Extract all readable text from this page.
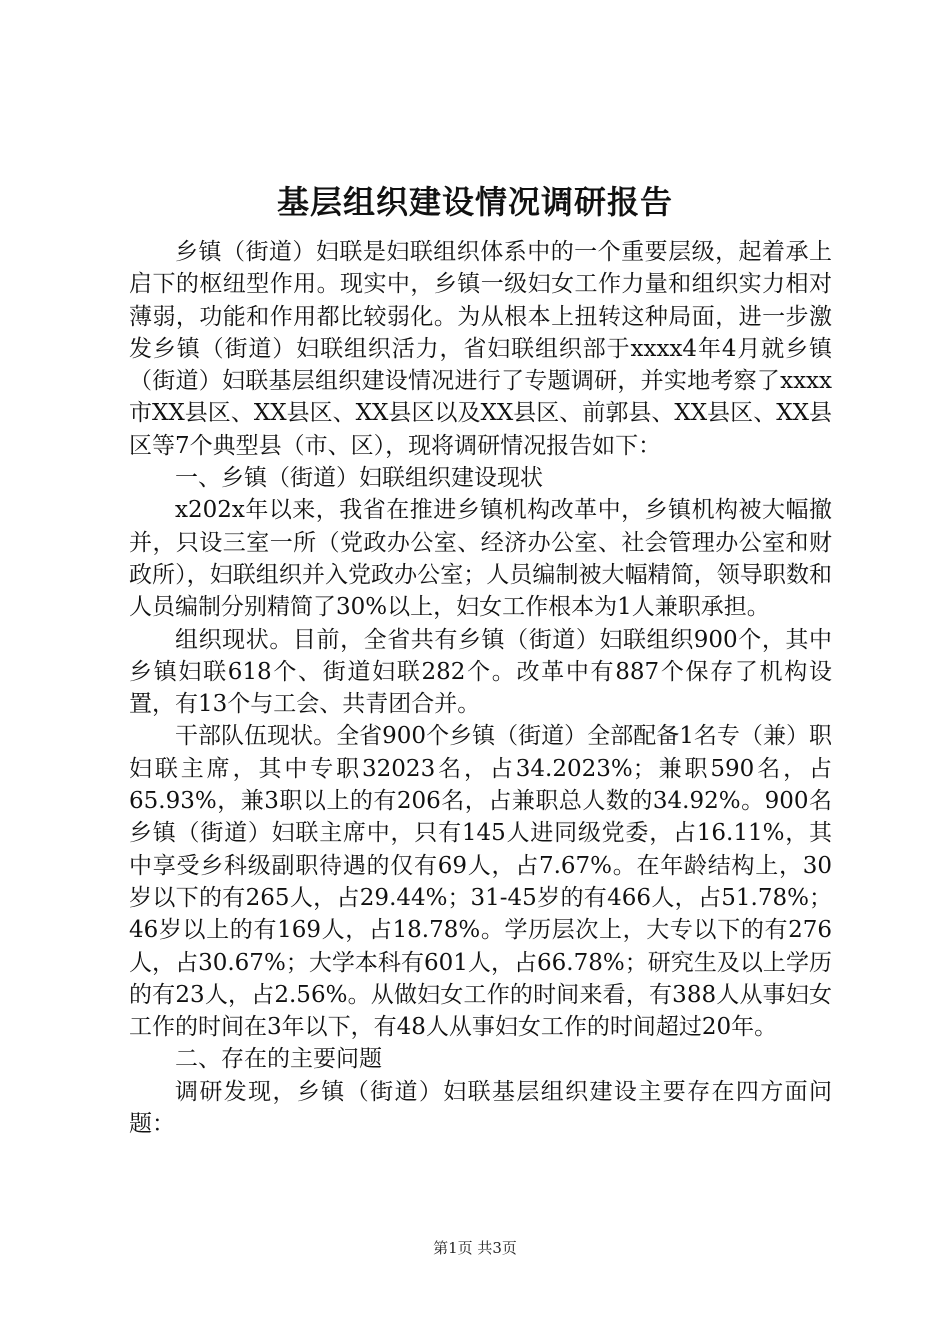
基层组织建设情况调研报告

乡镇（街道）妇联是妇联组织体系中的一个重要层级，起着承上启下的枢纽型作用。现实中，乡镇一级妇女工作力量和组织实力相对薄弱，功能和作用都比较弱化。为从根本上扭转这种局面，进一步激发乡镇（街道）妇联组织活力，省妇联组织部于xxxx4年4月就乡镇（街道）妇联基层组织建设情况进行了专题调研，并实地考察了xxxx市XX县区、XX县区、XX县区以及XX县区、前郭县、XX县区、XX县区等7个典型县（市、区），现将调研情况报告如下：

一、乡镇（街道）妇联组织建设现状

x202x年以来，我省在推进乡镇机构改革中，乡镇机构被大幅撤并，只设三室一所（党政办公室、经济办公室、社会管理办公室和财政所），妇联组织并入党政办公室；人员编制被大幅精简，领导职数和人员编制分别精简了30%以上，妇女工作根本为1人兼职承担。

组织现状。目前，全省共有乡镇（街道）妇联组织900个，其中乡镇妇联618个、街道妇联282个。改革中有887个保存了机构设置，有13个与工会、共青团合并。

干部队伍现状。全省900个乡镇（街道）全部配备1名专（兼）职妇联主席，其中专职32023名，占34.2023%；兼职590名，占65.93%，兼3职以上的有206名，占兼职总人数的34.92%。900名乡镇（街道）妇联主席中，只有145人进同级党委，占16.11%，其中享受乡科级副职待遇的仅有69人，占7.67%。在年龄结构上，30岁以下的有265人，占29.44%；31-45岁的有466人，占51.78%；46岁以上的有169人，占18.78%。学历层次上，大专以下的有276人，占30.67%；大学本科有601人，占66.78%；研究生及以上学历的有23人，占2.56%。从做妇女工作的时间来看，有388人从事妇女工作的时间在3年以下，有48人从事妇女工作的时间超过20年。

二、存在的主要问题

调研发现，乡镇（街道）妇联基层组织建设主要存在四方面问题：

第1页 共3页
